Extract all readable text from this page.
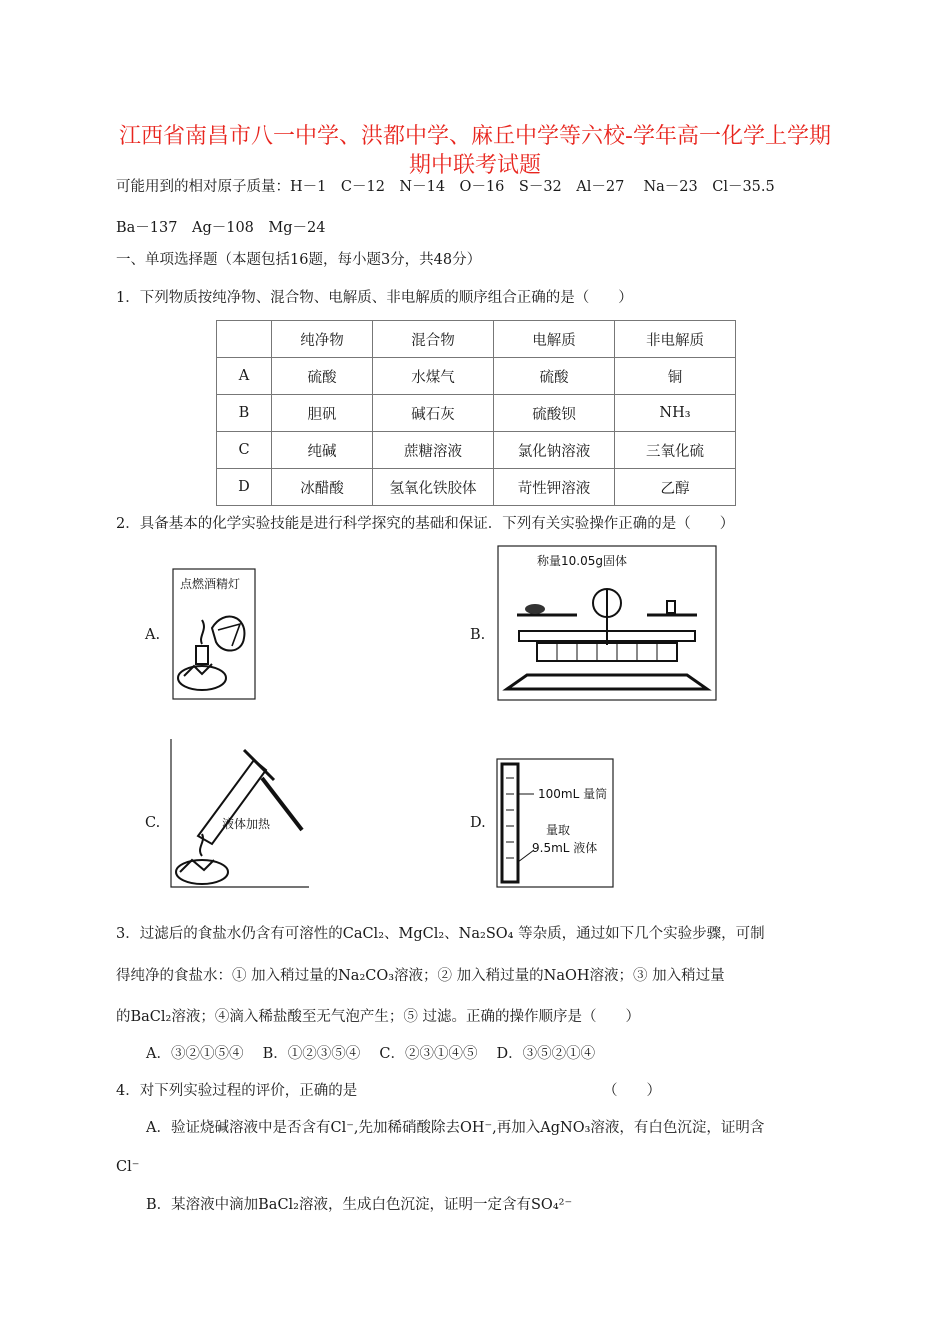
江西省南昌市八一中学、洪都中学、麻丘中学等六校-学年高一化学上学期期中联考试题
可能用到的相对原子质量：H－1　C－12　N－14　O－16　S－32　Al－27　 Na－23　Cl－35.5
Ba－137　Ag－108　Mg－24
一、单项选择题（本题包括16题，每小题3分，共48分）
1．下列物质按纯净物、混合物、电解质、非电解质的顺序组合正确的是（　　）
	纯净物	混合物	电解质	非电解质
A	硫酸	水煤气	硫酸	铜
B	胆矾	碱石灰	硫酸钡	NH₃
C	纯碱	蔗糖溶液	氯化钠溶液	三氧化硫
D	冰醋酸	氢氧化铁胶体	苛性钾溶液	乙醇
2．具备基本的化学实验技能是进行科学探究的基础和保证．下列有关实验操作正确的是（　　）
A.
点燃酒精灯
B.
称量10.05g固体
C.	液体加热	D.
100mL 量筒
量取
9.5mL 液体
3．过滤后的食盐水仍含有可溶性的CaCl₂、MgCl₂、Na₂SO₄ 等杂质，通过如下几个实验步骤，可制
得纯净的食盐水：① 加入稍过量的Na₂CO₃溶液；② 加入稍过量的NaOH溶液；③ 加入稍过量
的BaCl₂溶液；④滴入稀盐酸至无气泡产生；⑤ 过滤。正确的操作顺序是（　　）
A．③②①⑤④　 B．①②③⑤④　 C．②③①④⑤　 D．③⑤②①④
4．对下列实验过程的评价，正确的是	（　　）
A．验证烧碱溶液中是否含有Cl⁻,先加稀硝酸除去OH⁻,再加入AgNO₃溶液，有白色沉淀，证明含
Cl⁻
B．某溶液中滴加BaCl₂溶液，生成白色沉淀，证明一定含有SO₄²⁻
